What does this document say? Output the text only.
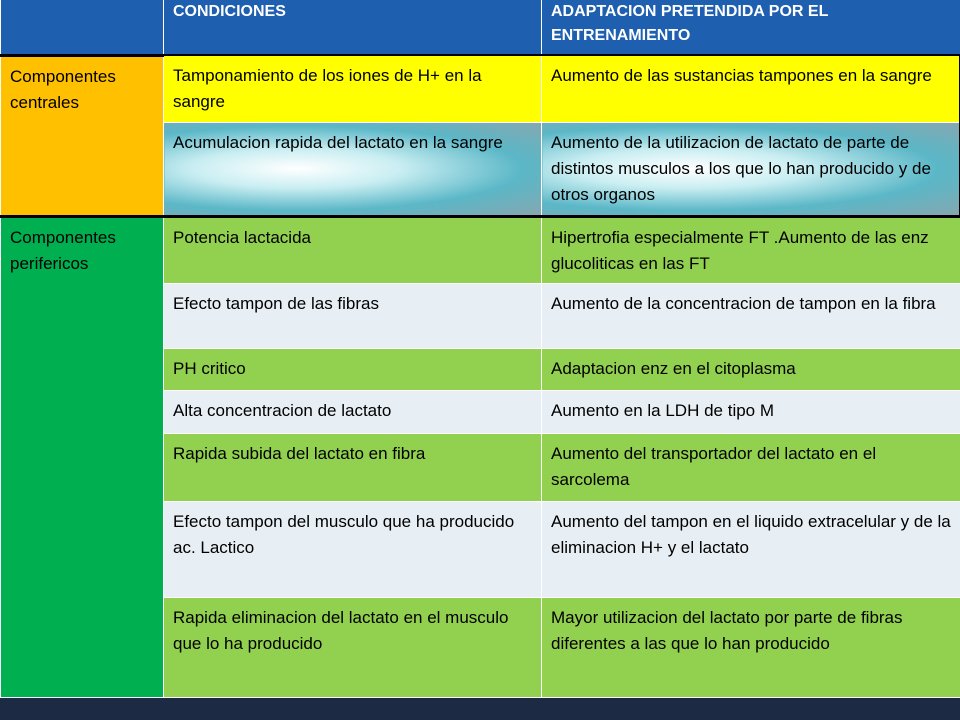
	CONDICIONES	ADAPTACION PRETENDIDA POR EL ENTRENAMIENTO
Componentes centrales	Tamponamiento de los iones de H+ en la sangre	Aumento de las sustancias tampones en la sangre
	Acumulacion rapida del lactato en la sangre	Aumento de la utilizacion de lactato de parte de distintos musculos a los que lo han producido y de otros organos
Componentes perifericos	Potencia lactacida	Hipertrofia especialmente FT .Aumento de las enz glucoliticas en las FT
	Efecto tampon de las fibras	Aumento de la concentracion de tampon en la fibra
	PH critico	Adaptacion enz en el citoplasma
	Alta concentracion de lactato	Aumento en la LDH de tipo M
	Rapida subida del lactato en fibra	Aumento del transportador del lactato en el sarcolema
	Efecto tampon del musculo que ha producido ac. Lactico	Aumento del tampon en el liquido extracelular y de la eliminacion H+ y el lactato
	Rapida eliminacion del lactato en el musculo que lo ha producido	Mayor utilizacion del lactato por parte de fibras diferentes a las que lo han producido
